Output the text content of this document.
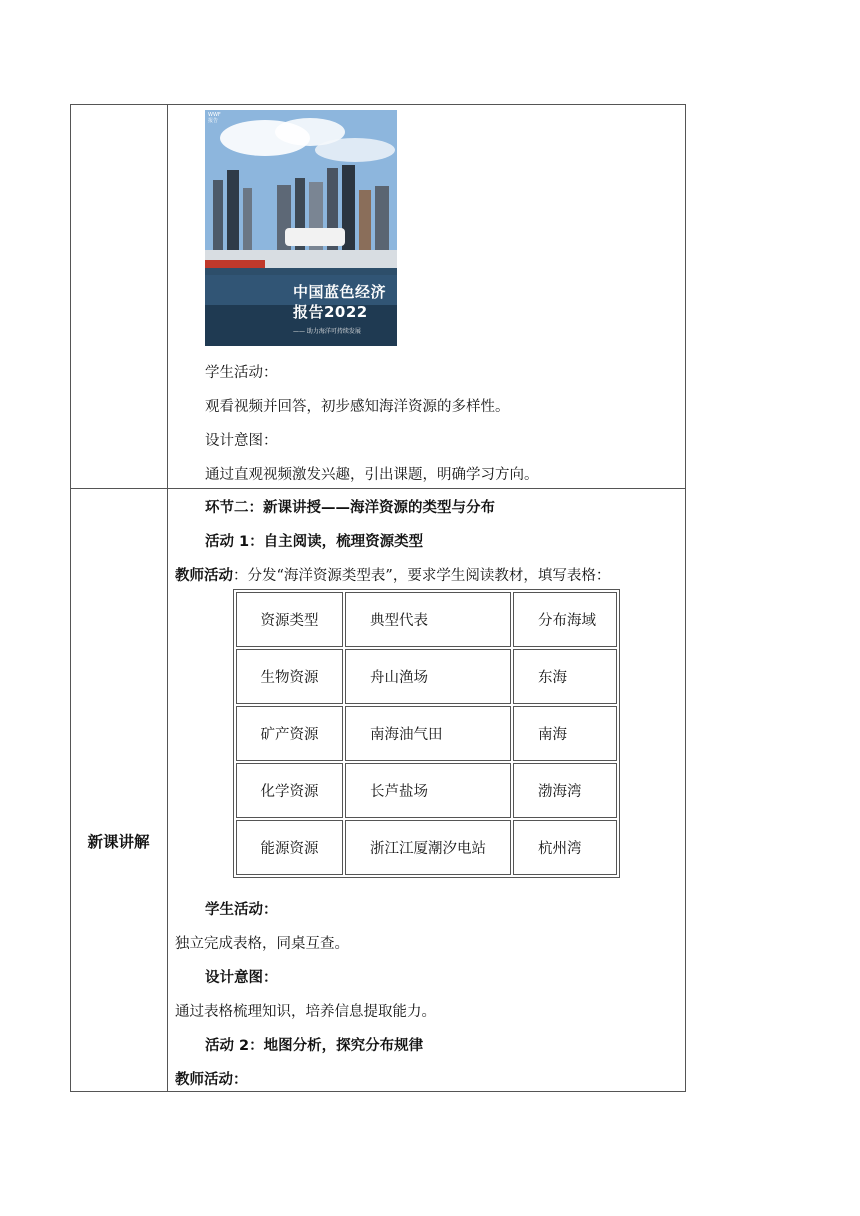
WWF
报告
中国蓝色经济
报告2022
—— 助力海洋可持续发展
学生活动：
观看视频并回答，初步感知海洋资源的多样性。
设计意图：
通过直观视频激发兴趣，引出课题，明确学习方向。
新课讲解
环节二：新课讲授——海洋资源的类型与分布
活动 1：自主阅读，梳理资源类型
教师活动：分发“海洋资源类型表”，要求学生阅读教材，填写表格：
资源类型	典型代表	分布海域
生物资源	舟山渔场	东海
矿产资源	南海油气田	南海
化学资源	长芦盐场	渤海湾
能源资源	浙江江厦潮汐电站	杭州湾
学生活动：
独立完成表格，同桌互查。
设计意图：
通过表格梳理知识，培养信息提取能力。
活动 2：地图分析，探究分布规律
教师活动：
